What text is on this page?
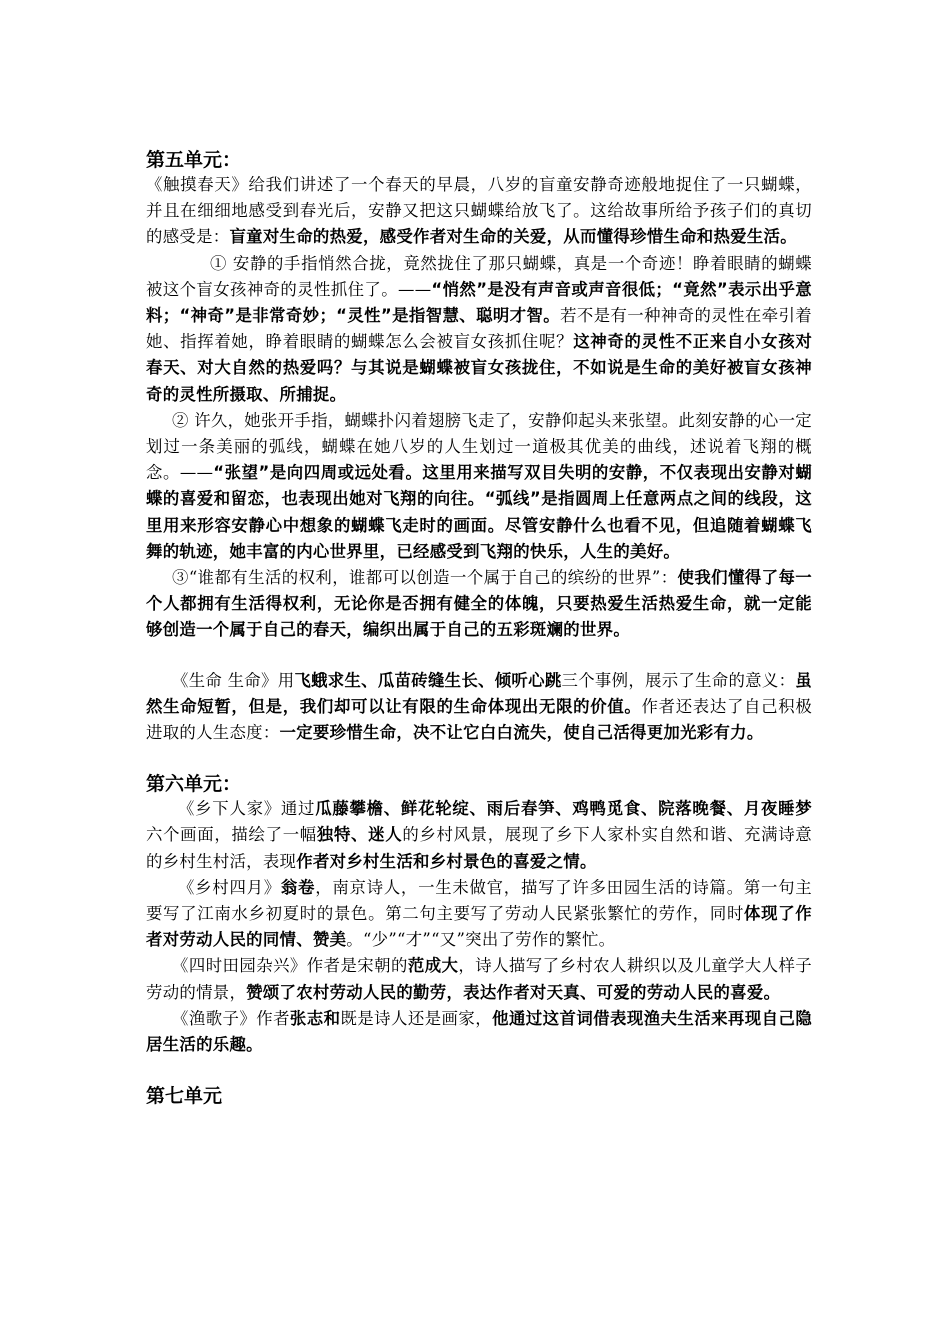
第五单元：

《触摸春天》给我们讲述了一个春天的早晨，八岁的盲童安静奇迹般地捉住了一只蝴蝶，并且在细细地感受到春光后，安静又把这只蝴蝶给放飞了。这给故事所给予孩子们的真切的感受是：盲童对生命的热爱，感受作者对生命的关爱，从而懂得珍惜生命和热爱生活。

① 安静的手指悄然合拢，竟然拢住了那只蝴蝶，真是一个奇迹！睁着眼睛的蝴蝶被这个盲女孩神奇的灵性抓住了。——“悄然”是没有声音或声音很低；“竟然”表示出乎意料；“神奇”是非常奇妙；“灵性”是指智慧、聪明才智。若不是有一种神奇的灵性在牵引着她、指挥着她，睁着眼睛的蝴蝶怎么会被盲女孩抓住呢？这神奇的灵性不正来自小女孩对春天、对大自然的热爱吗？与其说是蝴蝶被盲女孩拢住，不如说是生命的美好被盲女孩神奇的灵性所摄取、所捕捉。

② 许久，她张开手指，蝴蝶扑闪着翅膀飞走了，安静仰起头来张望。此刻安静的心一定划过一条美丽的弧线，蝴蝶在她八岁的人生划过一道极其优美的曲线，述说着飞翔的概念。——“张望”是向四周或远处看。这里用来描写双目失明的安静，不仅表现出安静对蝴蝶的喜爱和留恋，也表现出她对飞翔的向往。“弧线”是指圆周上任意两点之间的线段，这里用来形容安静心中想象的蝴蝶飞走时的画面。尽管安静什么也看不见，但追随着蝴蝶飞舞的轨迹，她丰富的内心世界里，已经感受到飞翔的快乐，人生的美好。

③“谁都有生活的权利，谁都可以创造一个属于自己的缤纷的世界”：使我们懂得了每一个人都拥有生活得权利，无论你是否拥有健全的体魄，只要热爱生活热爱生命，就一定能够创造一个属于自己的春天，编织出属于自己的五彩斑斓的世界。

《生命 生命》用飞蛾求生、瓜苗砖缝生长、倾听心跳三个事例，展示了生命的意义：虽然生命短暂，但是，我们却可以让有限的生命体现出无限的价值。作者还表达了自己积极进取的人生态度：一定要珍惜生命，决不让它白白流失，使自己活得更加光彩有力。

第六单元：

《乡下人家》通过瓜藤攀檐、鲜花轮绽、雨后春笋、鸡鸭觅食、院落晚餐、月夜睡梦六个画面，描绘了一幅独特、迷人的乡村风景，展现了乡下人家朴实自然和谐、充满诗意的乡村生村活，表现作者对乡村生活和乡村景色的喜爱之情。

《乡村四月》翁卷，南京诗人，一生未做官，描写了许多田园生活的诗篇。第一句主要写了江南水乡初夏时的景色。第二句主要写了劳动人民紧张繁忙的劳作，同时体现了作者对劳动人民的同情、赞美。“少”“才”“又”突出了劳作的繁忙。

《四时田园杂兴》作者是宋朝的范成大，诗人描写了乡村农人耕织以及儿童学大人样子劳动的情景，赞颂了农村劳动人民的勤劳，表达作者对天真、可爱的劳动人民的喜爱。

《渔歌子》作者张志和既是诗人还是画家，他通过这首词借表现渔夫生活来再现自己隐居生活的乐趣。

第七单元
